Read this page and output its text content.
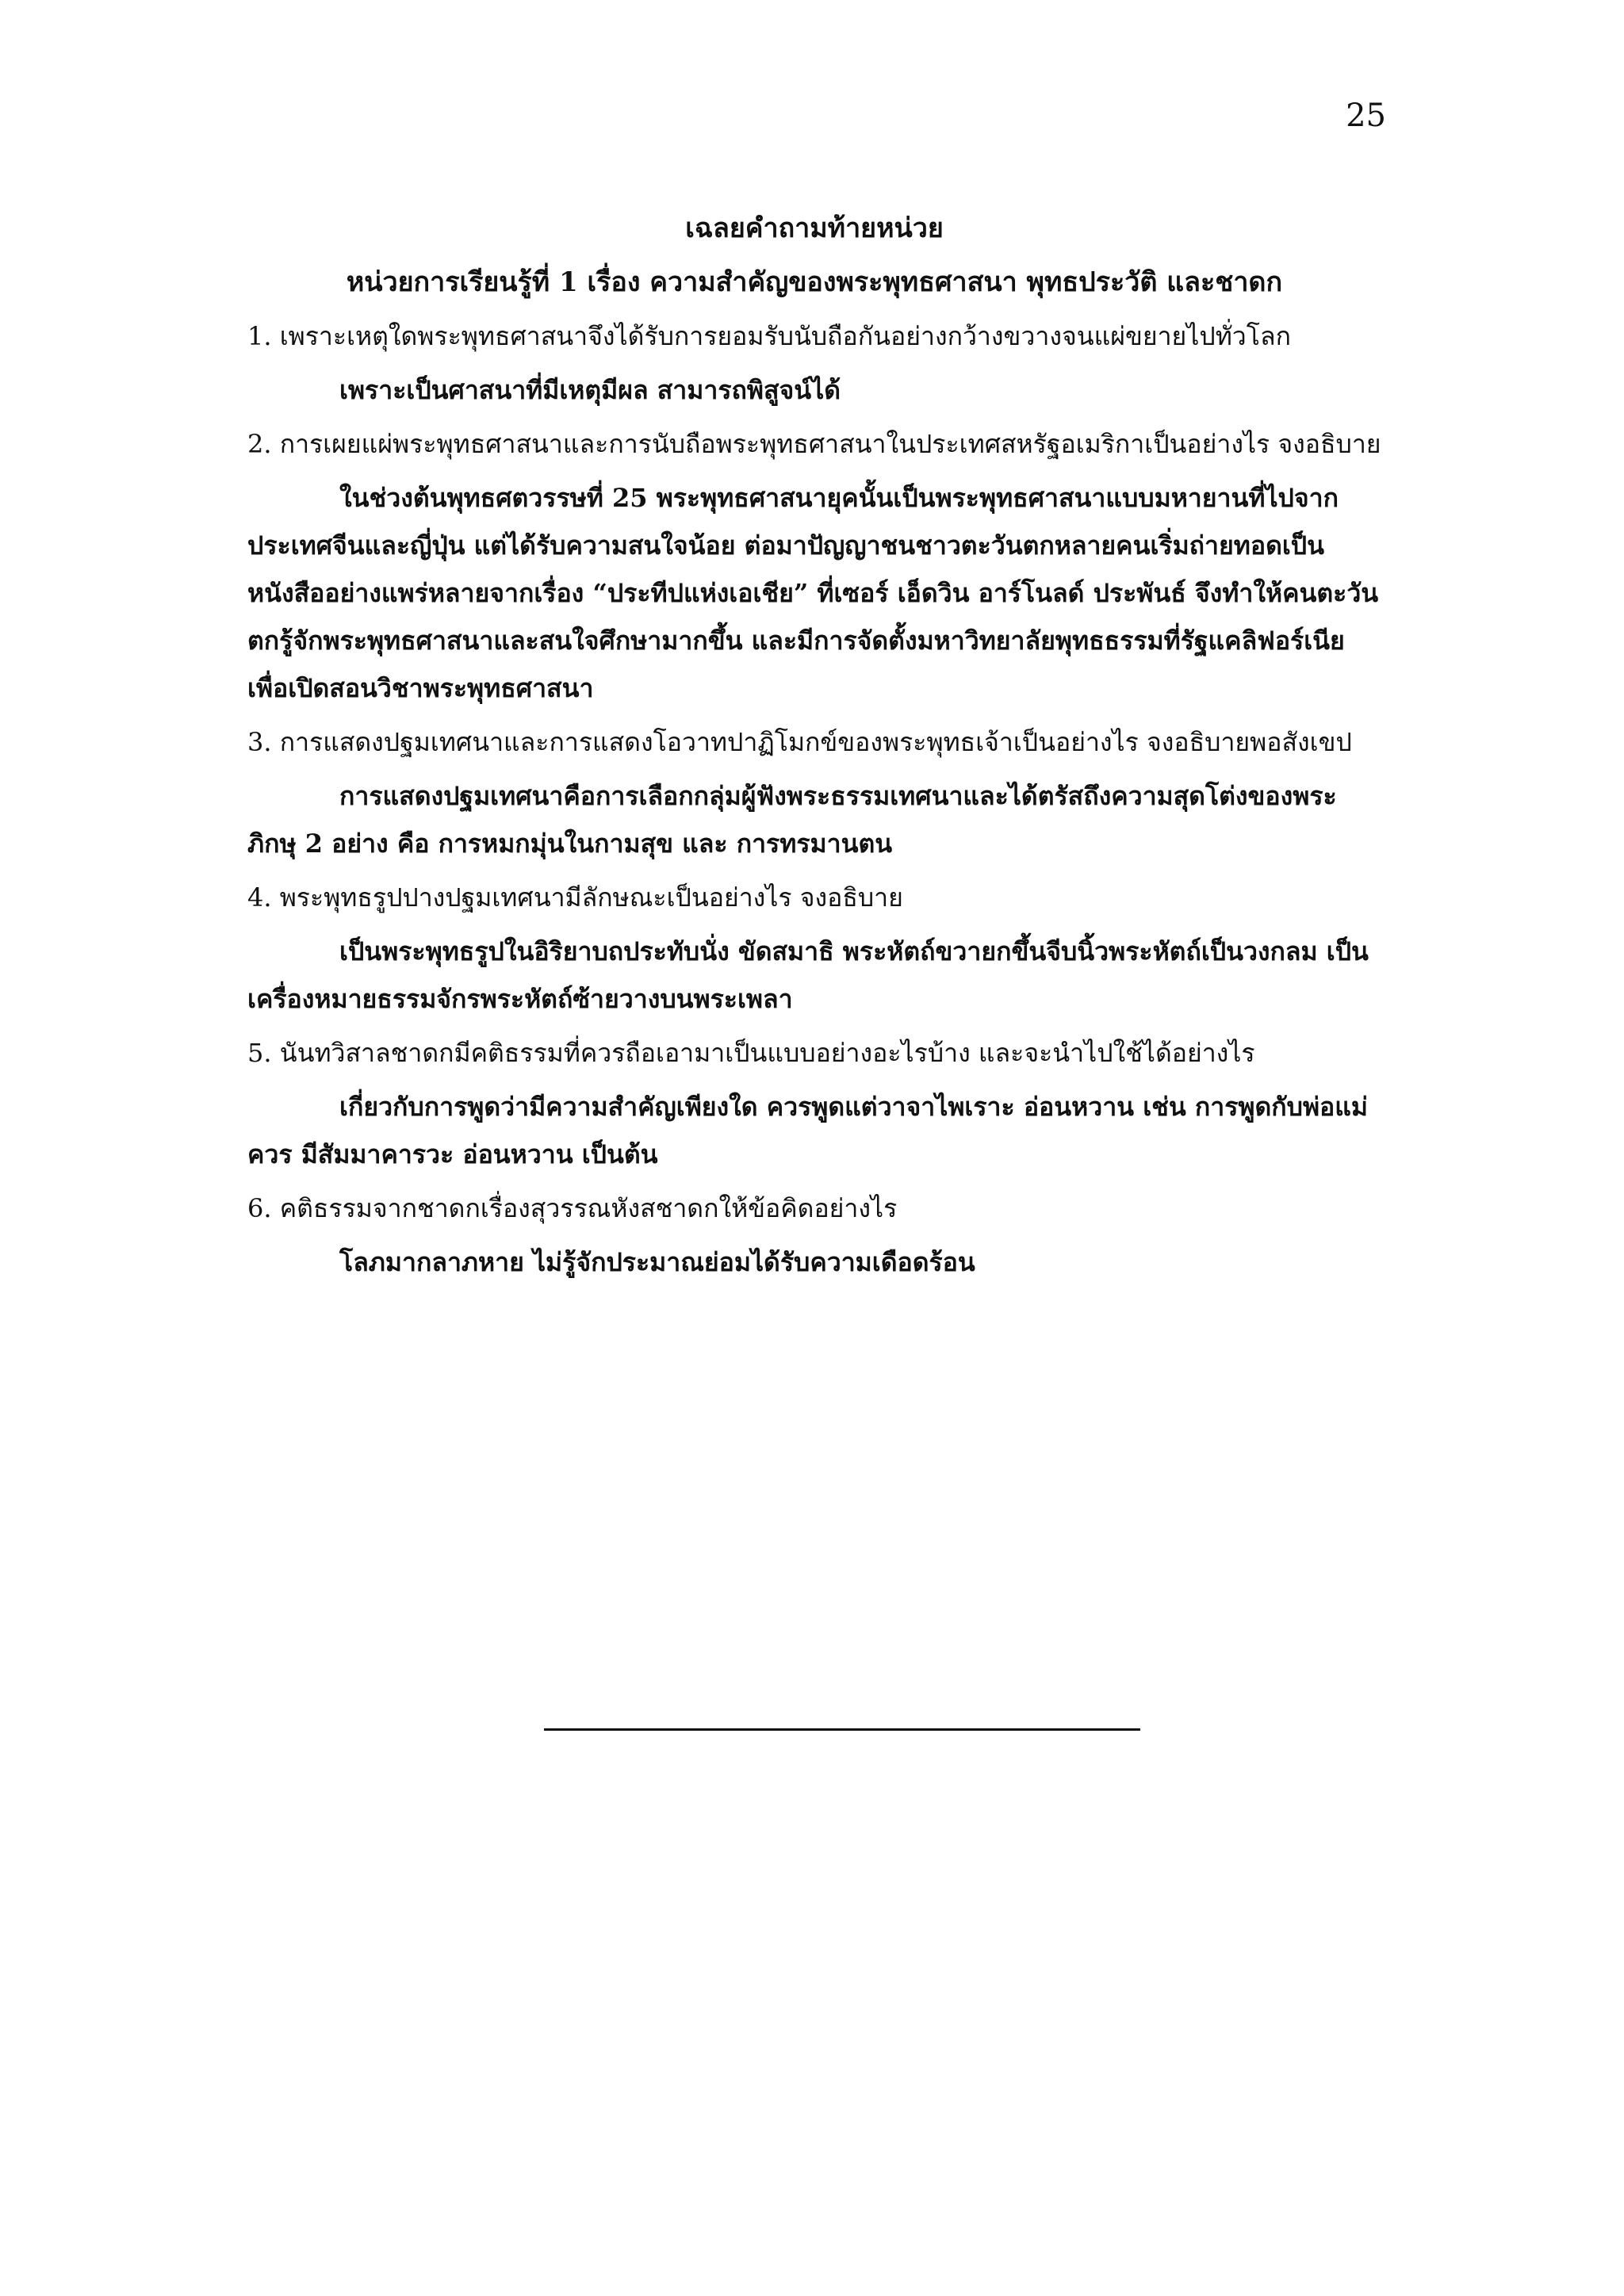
25
เฉลยคำถามท้ายหน่วย
หน่วยการเรียนรู้ที่ 1 เรื่อง ความสำคัญของพระพุทธศาสนา พุทธประวัติ และชาดก

1. เพราะเหตุใดพระพุทธศาสนาจึงได้รับการยอมรับนับถือกันอย่างกว้างขวางจนแผ่ขยายไปทั่วโลก

เพราะเป็นศาสนาที่มีเหตุมีผล สามารถพิสูจน์ได้

2. การเผยแผ่พระพุทธศาสนาและการนับถือพระพุทธศาสนาในประเทศสหรัฐอเมริกาเป็นอย่างไร จงอธิบาย

ในช่วงต้นพุทธศตวรรษที่ 25 พระพุทธศาสนายุคนั้นเป็นพระพุทธศาสนาแบบมหายานที่ไปจากประเทศจีนและญี่ปุ่น แต่ได้รับความสนใจน้อย ต่อมาปัญญาชนชาวตะวันตกหลายคนเริ่มถ่ายทอดเป็นหนังสืออย่างแพร่หลายจากเรื่อง “ประทีปแห่งเอเชีย” ที่เซอร์ เอ็ดวิน อาร์โนลด์ ประพันธ์ จึงทำให้คนตะวันตกรู้จักพระพุทธศาสนาและสนใจศึกษามากขึ้น และมีการจัดตั้งมหาวิทยาลัยพุทธธรรมที่รัฐแคลิฟอร์เนียเพื่อเปิดสอนวิชาพระพุทธศาสนา

3. การแสดงปฐมเทศนาและการแสดงโอวาทปาฏิโมกข์ของพระพุทธเจ้าเป็นอย่างไร จงอธิบายพอสังเขป

การแสดงปฐมเทศนาคือการเลือกกลุ่มผู้ฟังพระธรรมเทศนาและได้ตรัสถึงความสุดโต่งของพระภิกษุ 2 อย่าง คือ การหมกมุ่นในกามสุข และ การทรมานตน

4. พระพุทธรูปปางปฐมเทศนามีลักษณะเป็นอย่างไร จงอธิบาย

เป็นพระพุทธรูปในอิริยาบถประทับนั่ง ขัดสมาธิ พระหัตถ์ขวายกขึ้นจีบนิ้วพระหัตถ์เป็นวงกลม เป็นเครื่องหมายธรรมจักรพระหัตถ์ซ้ายวางบนพระเพลา

5. นันทวิสาลชาดกมีคติธรรมที่ควรถือเอามาเป็นแบบอย่างอะไรบ้าง และจะนำไปใช้ได้อย่างไร

เกี่ยวกับการพูดว่ามีความสำคัญเพียงใด ควรพูดแต่วาจาไพเราะ อ่อนหวาน เช่น การพูดกับพ่อแม่ควร มีสัมมาคารวะ อ่อนหวาน เป็นต้น

6. คติธรรมจากชาดกเรื่องสุวรรณหังสชาดกให้ข้อคิดอย่างไร

โลภมากลาภหาย ไม่รู้จักประมาณย่อมได้รับความเดือดร้อน
